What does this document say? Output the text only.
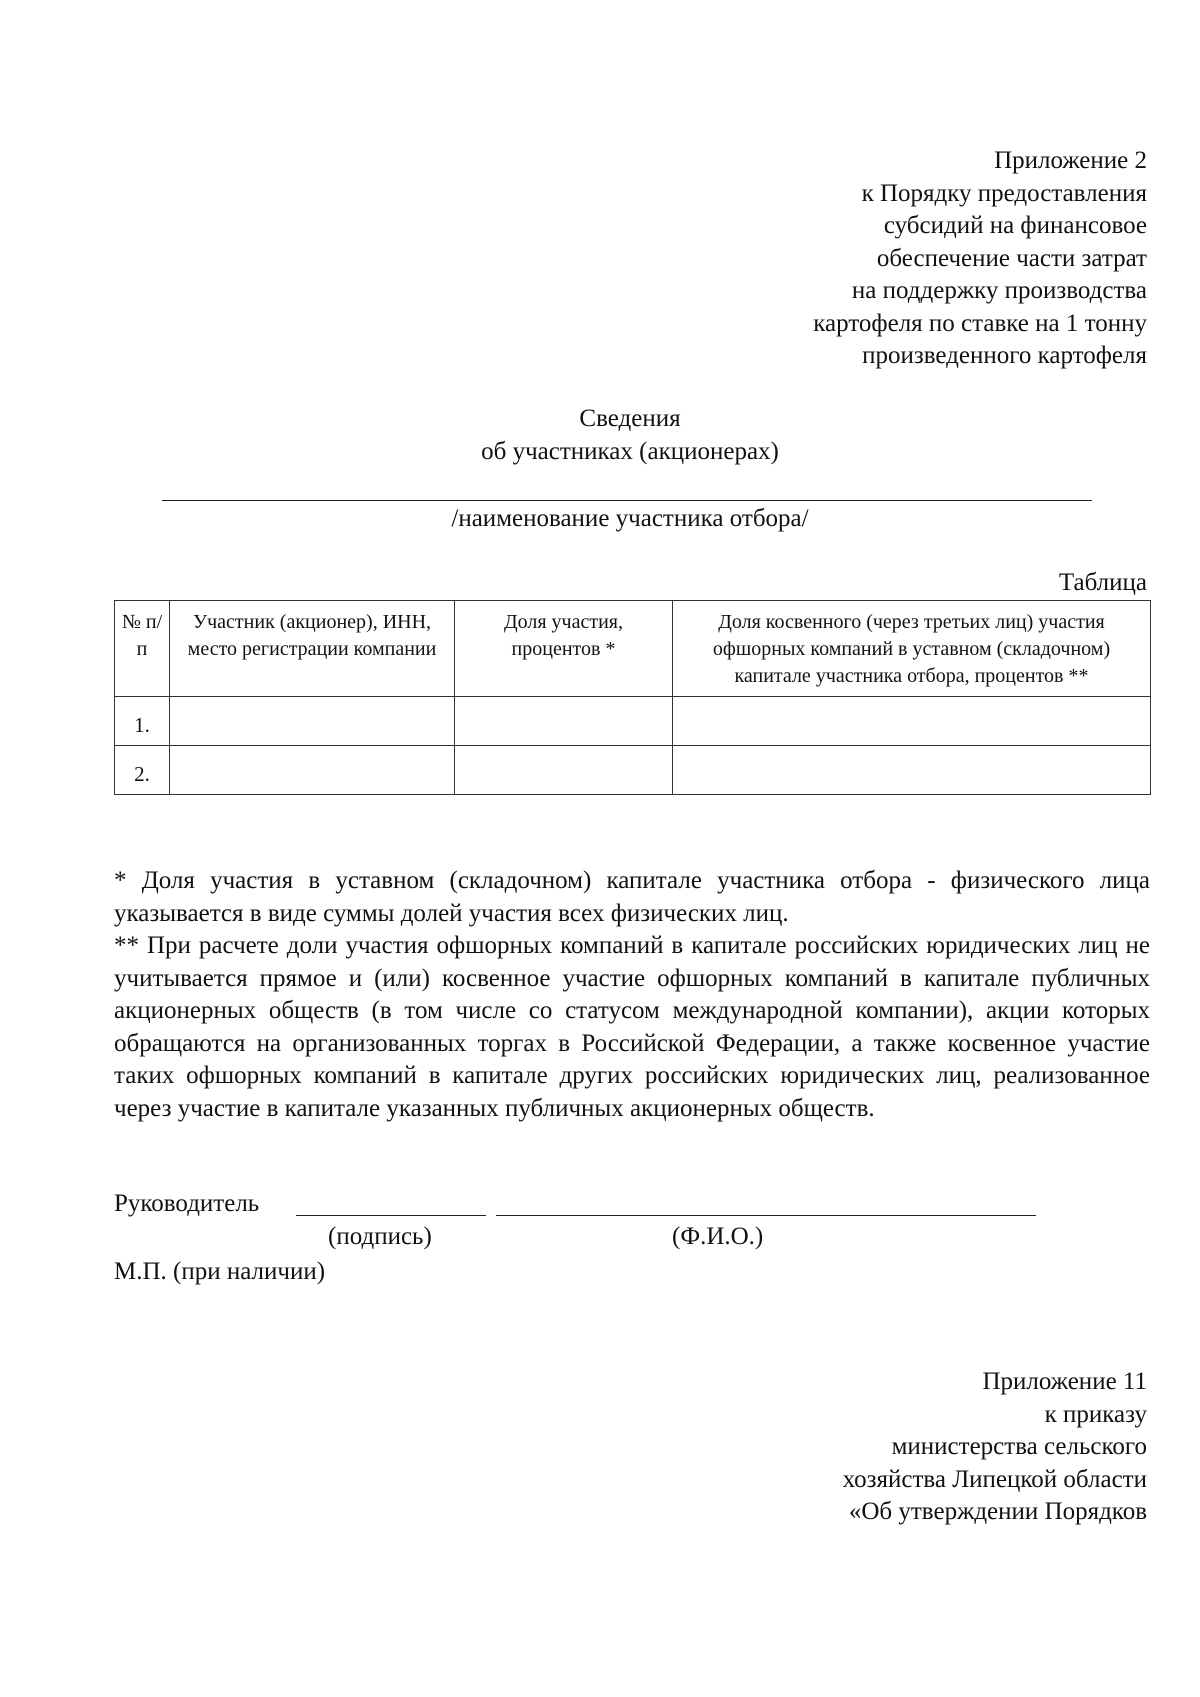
Приложение 2
к Порядку предоставления
субсидий на финансовое
обеспечение части затрат
на поддержку производства
картофеля по ставке на 1 тонну
произведенного картофеля
Сведения
об участниках (акционерах)
/наименование участника отбора/
Таблица
№ п/п	Участник (акционер), ИНН, место регистрации компании	Доля участия, процентов *	Доля косвенного (через третьих лиц) участия офшорных компаний в уставном (складочном) капитале участника отбора, процентов **
1.			
2.			

* Доля участия в уставном (складочном) капитале участника отбора - физического лица указывается в виде суммы долей участия всех физических лиц.

** При расчете доли участия офшорных компаний в капитале российских юридических лиц не учитывается прямое и (или) косвенное участие офшорных компаний в капитале публичных акционерных обществ (в том числе со статусом международной компании), акции которых обращаются на организованных торгах в Российской Федерации, а также косвенное участие таких офшорных компаний в капитале других российских юридических лиц, реализованное через участие в капитале указанных публичных акционерных обществ.

Руководитель
(подпись)	(Ф.И.О.)
М.П. (при наличии)
Приложение 11
к приказу
министерства сельского
хозяйства Липецкой области
«Об утверждении Порядков
